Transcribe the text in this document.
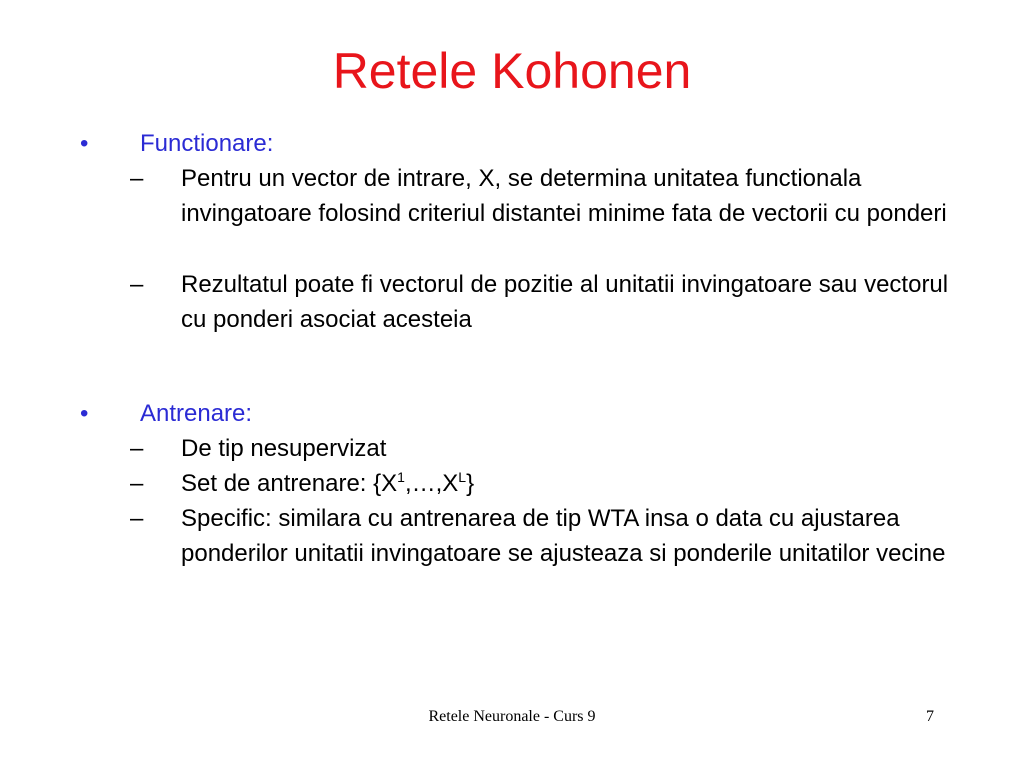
Retele Kohonen
• Functionare:
– Pentru un vector de intrare, X, se determina unitatea functionala invingatoare folosind criteriul distantei minime fata de vectorii cu ponderi
– Rezultatul poate fi vectorul de pozitie al unitatii invingatoare sau vectorul cu ponderi asociat acesteia
• Antrenare:
– De tip nesupervizat
– Set de antrenare: $\{X^1,\dots,X^L\}$
– Specific: similara cu antrenarea de tip WTA insa o data cu ajustarea ponderilor unitatii invingatoare se ajusteaza si ponderile unitatilor vecine
Retele Neuronale - Curs 9	7
